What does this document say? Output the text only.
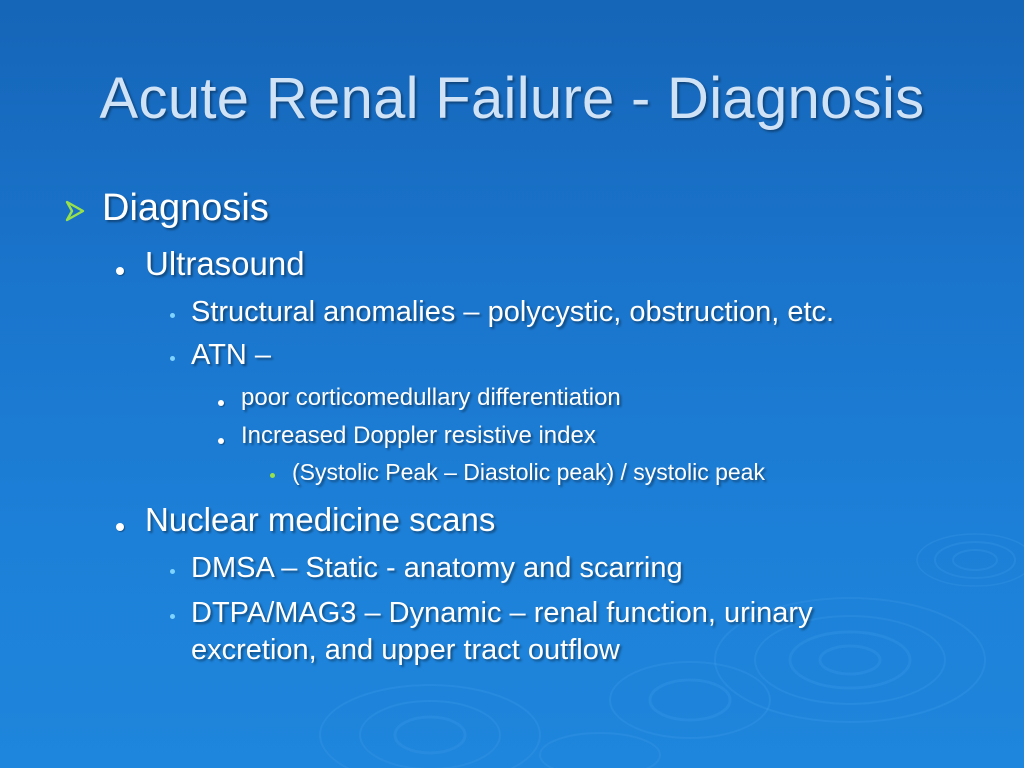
Acute Renal Failure - Diagnosis
Diagnosis
Ultrasound
Structural anomalies – polycystic, obstruction, etc.
ATN –
poor corticomedullary differentiation
Increased Doppler resistive index
(Systolic Peak – Diastolic peak) / systolic peak
Nuclear medicine scans
DMSA – Static - anatomy and scarring
DTPA/MAG3 – Dynamic – renal function, urinary
excretion, and upper tract outflow
